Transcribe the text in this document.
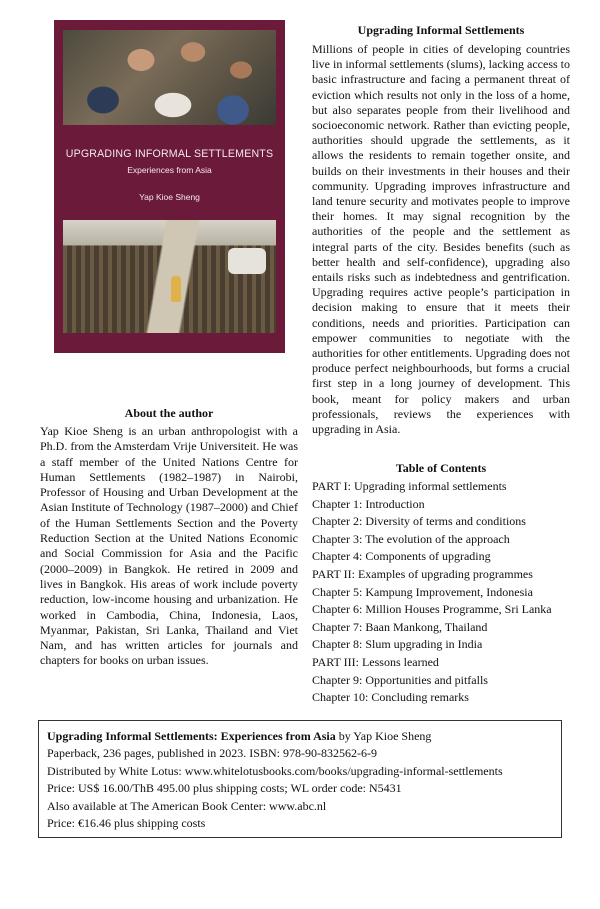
UPGRADING INFORMAL SETTLEMENTS
Experiences from Asia
Yap Kioe Sheng
About the author
Yap Kioe Sheng is an urban anthropologist with a Ph.D. from the Amsterdam Vrije Universiteit. He was a staff member of the United Nations Centre for Human Settlements (1982–1987) in Nairobi, Professor of Housing and Urban Development at the Asian Institute of Technology (1987–2000) and Chief of the Human Settlements Section and the Poverty Reduction Section at the United Nations Economic and Social Commission for Asia and the Pacific (2000–2009) in Bangkok. He retired in 2009 and lives in Bangkok. His areas of work include poverty reduction, low-income housing and urbanization. He worked in Cambodia, China, Indonesia, Laos, Myanmar, Pakistan, Sri Lanka, Thailand and Viet Nam, and has written articles for journals and chapters for books on urban issues.
Upgrading Informal Settlements
Millions of people in cities of developing countries live in informal settlements (slums), lacking access to basic infrastructure and facing a permanent threat of eviction which results not only in the loss of a home, but also separates people from their livelihood and socioeconomic network. Rather than evicting people, authorities should upgrade the settlements, as it allows the residents to remain together onsite, and builds on their investments in their houses and their community. Upgrading improves infrastructure and land tenure security and motivates people to improve their homes. It may signal recognition by the authorities of the people and the settlement as integral parts of the city. Besides benefits (such as better health and self-confidence), upgrading also entails risks such as indebtedness and gentrification. Upgrading requires active people’s participation in decision making to ensure that it meets their conditions, needs and priorities. Participation can empower communities to negotiate with the authorities for other entitlements. Upgrading does not produce perfect neighbourhoods, but forms a crucial first step in a long journey of development. This book, meant for policy makers and urban professionals, reviews the experiences with upgrading in Asia.
Table of Contents
PART I: Upgrading informal settlements
Chapter 1: Introduction
Chapter 2: Diversity of terms and conditions
Chapter 3: The evolution of the approach
Chapter 4: Components of upgrading
PART II: Examples of upgrading programmes
Chapter 5: Kampung Improvement, Indonesia
Chapter 6: Million Houses Programme, Sri Lanka
Chapter 7: Baan Mankong, Thailand
Chapter 8: Slum upgrading in India
PART III: Lessons learned
Chapter 9: Opportunities and pitfalls
Chapter 10: Concluding remarks
Upgrading Informal Settlements: Experiences from Asia by Yap Kioe Sheng
Paperback, 236 pages, published in 2023. ISBN: 978-90-832562-6-9
Distributed by White Lotus: www.whitelotusbooks.com/books/upgrading-informal-settlements
Price: US$ 16.00/ThB 495.00 plus shipping costs; WL order code: N5431
Also available at The American Book Center: www.abc.nl
Price: €16.46 plus shipping costs
